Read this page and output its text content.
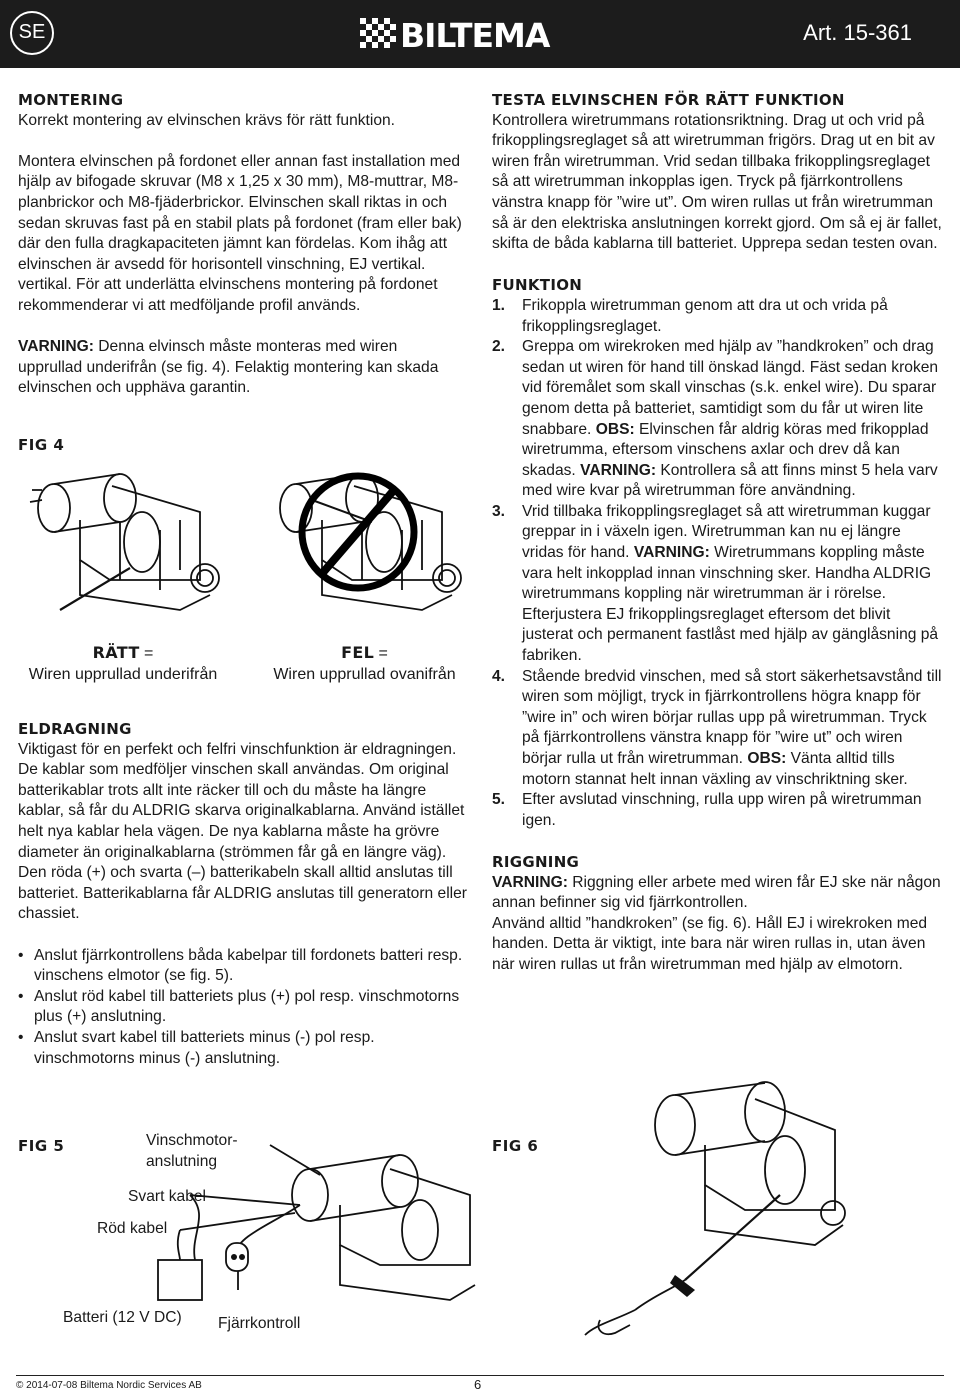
SE	BILTEMA	Art. 15-361

MONTERING

Korrekt montering av elvinschen krävs för rätt funktion.

Montera elvinschen på fordonet eller annan fast installation med hjälp av bifogade skruvar (M8 x 1,25 x 30 mm), M8-muttrar, M8-planbrickor och M8-fjäderbrickor. Elvinschen skall riktas in och sedan skruvas fast på en stabil plats på fordonet (fram eller bak) där den fulla dragkapaciteten jämnt kan fördelas. Kom ihåg att elvinschen är avsedd för horisontell vinschning, EJ vertikal. vertikal. För att underlätta elvinschens montering på fordonet rekommenderar vi att medföljande profil används.

VARNING: Denna elvinsch måste monteras med wiren upprullad underifrån (se fig. 4). Felaktig montering kan skada elvinschen och upphäva garantin.

FIG 4
RÄTT =
Wiren upprullad underifrån
FEL =
Wiren upprullad ovanifrån

ELDRAGNING

Viktigast för en perfekt och felfri vinschfunktion är eldragningen. De kablar som medföljer vinschen skall användas. Om original batterikablar trots allt inte räcker till och du måste ha längre kablar, så får du ALDRIG skarva originalkablarna. Använd istället helt nya kablar hela vägen. De nya kablarna måste ha grövre diameter än originalkablarna (strömmen får gå en längre väg). Den röda (+) och svarta (–) batterikabeln skall alltid anslutas till batteriet. Batterikablarna får ALDRIG anslutas till generatorn eller chassiet.

• Anslut fjärrkontrollens båda kabelpar till fordonets batteri resp. vinschens elmotor (se fig. 5).
• Anslut röd kabel till batteriets plus (+) pol resp. vinschmotorns plus (+) anslutning.
• Anslut svart kabel till batteriets minus (-) pol resp. vinschmotorns minus (-) anslutning.

TESTA ELVINSCHEN FÖR RÄTT FUNKTION

Kontrollera wiretrummans rotationsriktning. Drag ut och vrid på frikopplingsreglaget så att wiretrumman frigörs. Drag ut en bit av wiren från wiretrumman. Vrid sedan tillbaka frikopplingsreglaget så att wiretrumman inkopplas igen. Tryck på fjärrkontrollens vänstra knapp för ”wire ut”. Om wiren rullas ut från wiretrumman så är den elektriska anslutningen korrekt gjord. Om så ej är fallet, skifta de båda kablarna till batteriet. Upprepa sedan testen ovan.

FUNKTION

1. Frikoppla wiretrumman genom att dra ut och vrida på frikopplingsreglaget.
2. Greppa om wirekroken med hjälp av ”handkroken” och drag sedan ut wiren för hand till önskad längd. Fäst sedan kroken vid föremålet som skall vinschas (s.k. enkel wire). Du sparar genom detta på batteriet, samtidigt som du får ut wiren lite snabbare. OBS: Elvinschen får aldrig köras med frikopplad wiretrumma, eftersom vinschens axlar och drev då kan skadas. VARNING: Kontrollera så att finns minst 5 hela varv med wire kvar på wiretrumman före användning.
3. Vrid tillbaka frikopplingsreglaget så att wiretrumman kuggar greppar in i växeln igen. Wiretrumman kan nu ej längre vridas för hand. VARNING: Wiretrummans koppling måste vara helt inkopplad innan vinschning sker. Handha ALDRIG wiretrummans koppling när wiretrumman är i rörelse. Efterjustera EJ frikopplingsreglaget eftersom det blivit justerat och permanent fastlåst med hjälp av gänglåsning på fabriken.
4. Stående bredvid vinschen, med så stort säkerhetsavstånd till wiren som möjligt, tryck in fjärrkontrollens högra knapp för ”wire in” och wiren börjar rullas upp på wiretrumman. Tryck på fjärrkontrollens vänstra knapp för ”wire ut” och wiren börjar rulla ut från wiretrumman. OBS: Vänta alltid tills motorn stannat helt innan växling av vinschriktning sker.
5. Efter avslutad vinschning, rulla upp wiren på wiretrumman igen.

RIGGNING

VARNING: Riggning eller arbete med wiren får EJ ske när någon annan befinner sig vid fjärrkontrollen.

Använd alltid ”handkroken” (se fig. 6). Håll EJ i wirekroken med handen. Detta är viktigt, inte bara när wiren rullas in, utan även när wiren rullas ut från wiretrumman med hjälp av elmotorn.

FIG 5	Vinschmotor-
anslutning
Svart kabel
Röd kabel
Batteri (12 V DC) Fjärrkontroll
FIG 6
© 2014-07-08 Biltema Nordic Services AB	6
